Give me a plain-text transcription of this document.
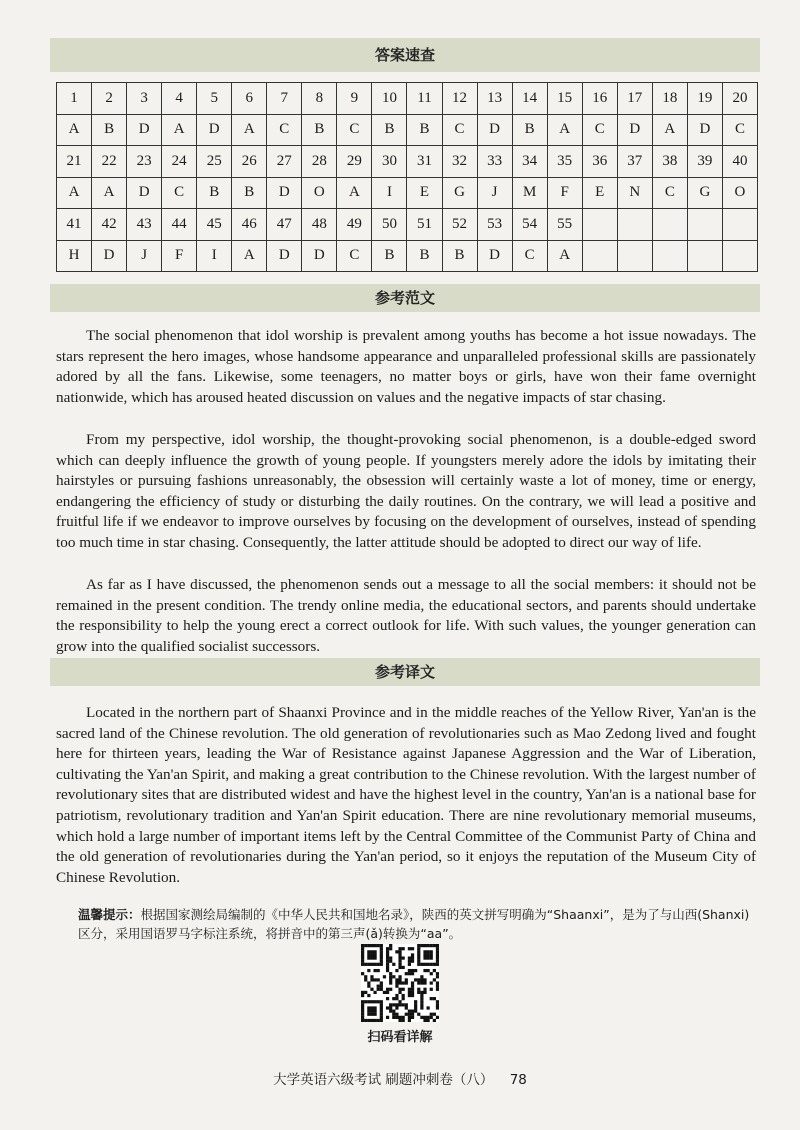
答案速查
1	2	3	4	5	6	7	8	9	10	11	12	13	14	15	16	17	18	19	20
A	B	D	A	D	A	C	B	C	B	B	C	D	B	A	C	D	A	D	C
21	22	23	24	25	26	27	28	29	30	31	32	33	34	35	36	37	38	39	40
A	A	D	C	B	B	D	O	A	I	E	G	J	M	F	E	N	C	G	O
41	42	43	44	45	46	47	48	49	50	51	52	53	54	55					
H	D	J	F	I	A	D	D	C	B	B	B	D	C	A					
参考范文

The social phenomenon that idol worship is prevalent among youths has become a hot issue nowadays. The stars represent the hero images, whose handsome appearance and unparalleled professional skills are passionately adored by all the fans. Likewise, some teenagers, no matter boys or girls, have won their fame overnight nationwide, which has aroused heated discussion on values and the negative impacts of star chasing.

From my perspective, idol worship, the thought-provoking social phenomenon, is a double-edged sword which can deeply influence the growth of young people. If youngsters merely adore the idols by imitating their hairstyles or pursuing fashions unreasonably, the obsession will certainly waste a lot of money, time or energy, endangering the efficiency of study or disturbing the daily routines. On the contrary, we will lead a positive and fruitful life if we endeavor to improve ourselves by focusing on the development of ourselves, instead of spending too much time in star chasing. Consequently, the latter attitude should be adopted to direct our way of life.

As far as I have discussed, the phenomenon sends out a message to all the social members: it should not be remained in the present condition. The trendy online media, the educational sectors, and parents should undertake the responsibility to help the young erect a correct outlook for life. With such values, the younger generation can grow into the qualified socialist successors.

参考译文

Located in the northern part of Shaanxi Province and in the middle reaches of the Yellow River, Yan'an is the sacred land of the Chinese revolution. The old generation of revolutionaries such as Mao Zedong lived and fought here for thirteen years, leading the War of Resistance against Japanese Aggression and the War of Liberation, cultivating the Yan'an Spirit, and making a great contribution to the Chinese revolution. With the largest number of revolutionary sites that are distributed widest and have the highest level in the country, Yan'an is a national base for patriotism, revolutionary tradition and Yan'an Spirit education. There are nine revolutionary memorial museums, which hold a large number of important items left by the Central Committee of the Communist Party of China and the old generation of revolutionaries during the Yan'an period, so it enjoys the reputation of the Museum City of Chinese Revolution.

温馨提示：根据国家测绘局编制的《中华人民共和国地名录》，陕西的英文拼写明确为“Shaanxi”，是为了与山西(Shanxi)区分，采用国语罗马字标注系统，将拼音中的第三声(ǎ)转换为“aa”。

扫码看详解
大学英语六级考试 刷题冲刺卷（八） 78
